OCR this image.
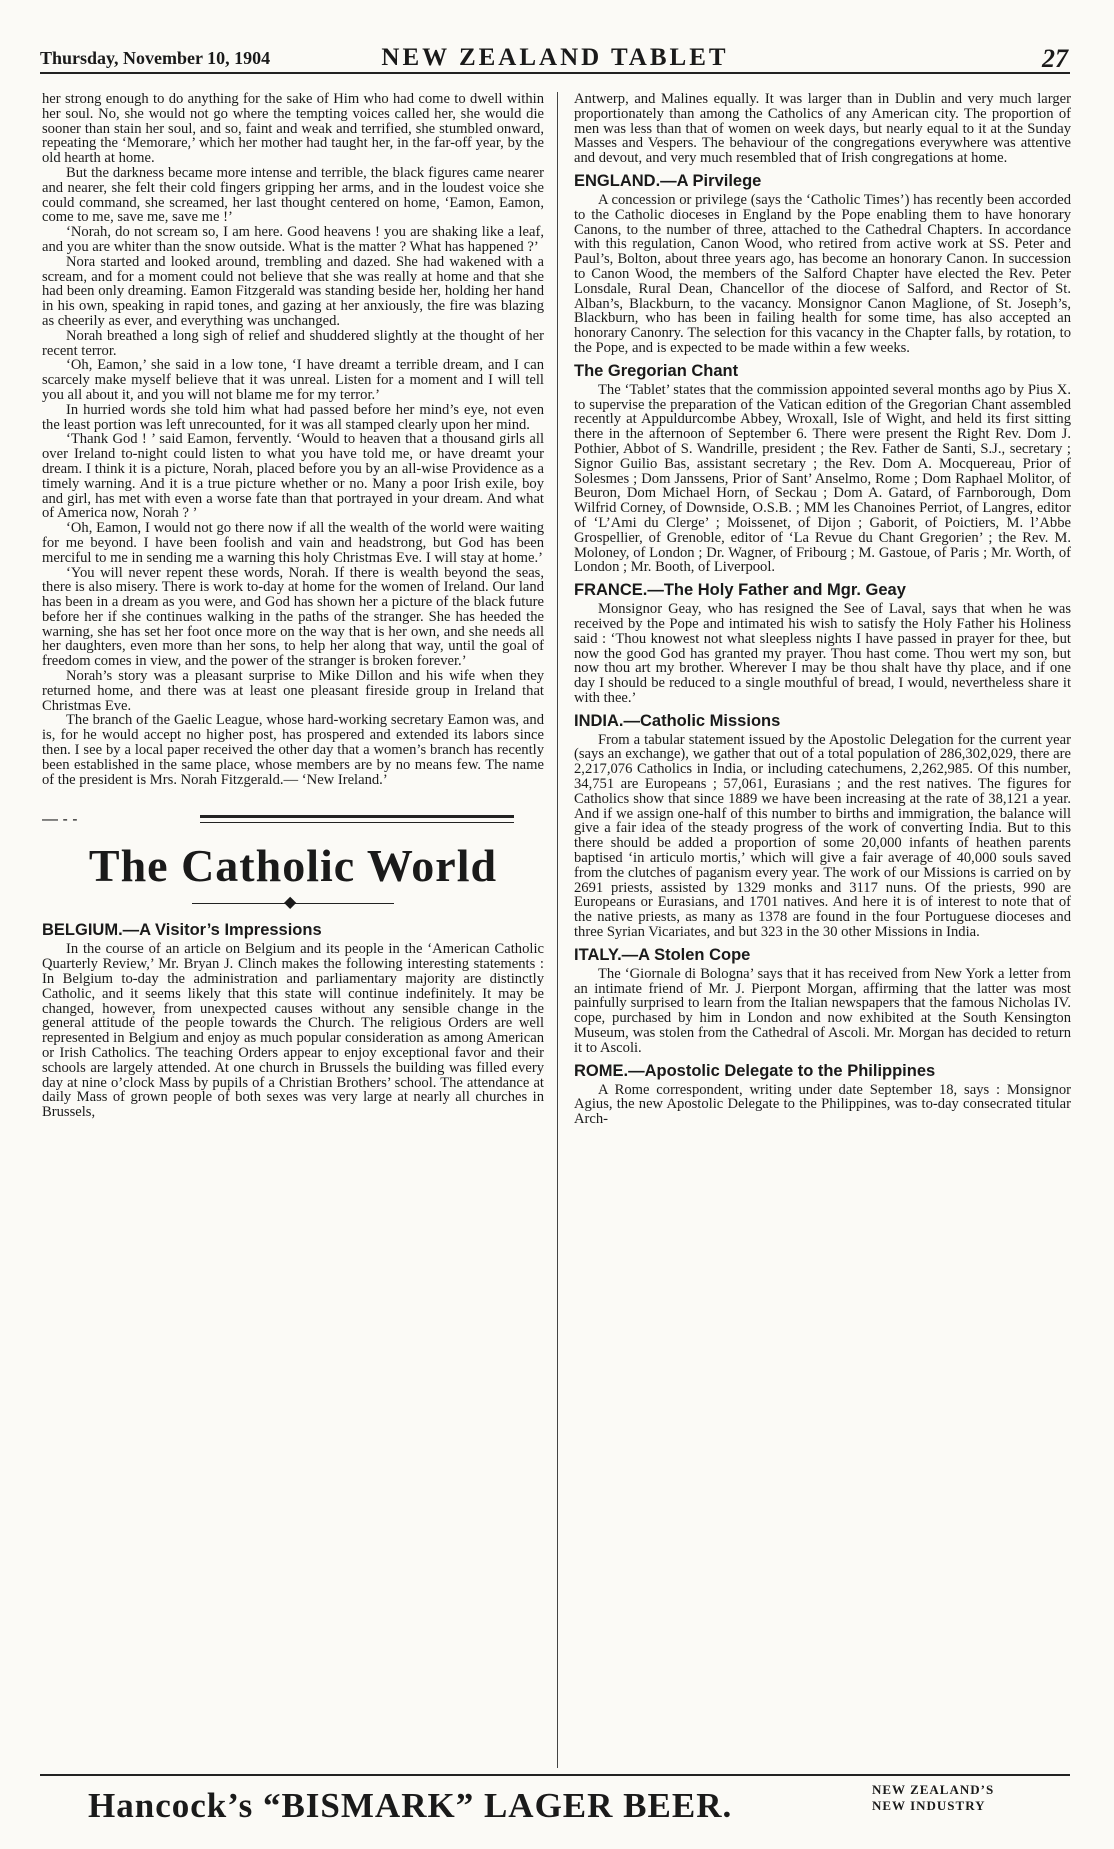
Thursday, November 10, 1904	NEW ZEALAND TABLET	27

her strong enough to do anything for the sake of Him who had come to dwell within her soul. No, she would not go where the tempting voices called her, she would die sooner than stain her soul, and so, faint and weak and terrified, she stumbled onward, repeating the ‘Memorare,’ which her mother had taught her, in the far-off year, by the old hearth at home.

But the darkness became more intense and terrible, the black figures came nearer and nearer, she felt their cold fingers gripping her arms, and in the loudest voice she could command, she screamed, her last thought centered on home, ‘Eamon, Eamon, come to me, save me, save me !’

‘Norah, do not scream so, I am here. Good heavens ! you are shaking like a leaf, and you are whiter than the snow outside. What is the matter ? What has happened ?’

Nora started and looked around, trembling and dazed. She had wakened with a scream, and for a moment could not believe that she was really at home and that she had been only dreaming. Eamon Fitzgerald was standing beside her, holding her hand in his own, speaking in rapid tones, and gazing at her anxiously, the fire was blazing as cheerily as ever, and everything was unchanged.

Norah breathed a long sigh of relief and shuddered slightly at the thought of her recent terror.

‘Oh, Eamon,’ she said in a low tone, ‘I have dreamt a terrible dream, and I can scarcely make myself believe that it was unreal. Listen for a moment and I will tell you all about it, and you will not blame me for my terror.’

In hurried words she told him what had passed before her mind’s eye, not even the least portion was left unrecounted, for it was all stamped clearly upon her mind.

‘Thank God ! ’ said Eamon, fervently. ‘Would to heaven that a thousand girls all over Ireland to-night could listen to what you have told me, or have dreamt your dream. I think it is a picture, Norah, placed before you by an all-wise Providence as a timely warning. And it is a true picture whether or no. Many a poor Irish exile, boy and girl, has met with even a worse fate than that portrayed in your dream. And what of America now, Norah ? ’

‘Oh, Eamon, I would not go there now if all the wealth of the world were waiting for me beyond. I have been foolish and vain and headstrong, but God has been merciful to me in sending me a warning this holy Christmas Eve. I will stay at home.’

‘You will never repent these words, Norah. If there is wealth beyond the seas, there is also misery. There is work to-day at home for the women of Ireland. Our land has been in a dream as you were, and God has shown her a picture of the black future before her if she continues walking in the paths of the stranger. She has heeded the warning, she has set her foot once more on the way that is her own, and she needs all her daughters, even more than her sons, to help her along that way, until the goal of freedom comes in view, and the power of the stranger is broken forever.’

Norah’s story was a pleasant surprise to Mike Dillon and his wife when they returned home, and there was at least one pleasant fireside group in Ireland that Christmas Eve.

The branch of the Gaelic League, whose hard-working secretary Eamon was, and is, for he would accept no higher post, has prospered and extended its labors since then. I see by a local paper received the other day that a women’s branch has recently been established in the same place, whose members are by no means few. The name of the president is Mrs. Norah Fitzgerald.— ‘New Ireland.’

— - -
The Catholic World
◆
BELGIUM.—A Visitor’s Impressions

In the course of an article on Belgium and its people in the ‘American Catholic Quarterly Review,’ Mr. Bryan J. Clinch makes the following interesting statements : In Belgium to-day the administration and parliamentary majority are distinctly Catholic, and it seems likely that this state will continue indefinitely. It may be changed, however, from unexpected causes without any sensible change in the general attitude of the people towards the Church. The religious Orders are well represented in Belgium and enjoy as much popular consideration as among American or Irish Catholics. The teaching Orders appear to enjoy exceptional favor and their schools are largely attended. At one church in Brussels the building was filled every day at nine o’clock Mass by pupils of a Christian Brothers’ school. The attendance at daily Mass of grown people of both sexes was very large at nearly all churches in Brussels,

Antwerp, and Malines equally. It was larger than in Dublin and very much larger proportionately than among the Catholics of any American city. The proportion of men was less than that of women on week days, but nearly equal to it at the Sunday Masses and Vespers. The behaviour of the congregations everywhere was attentive and devout, and very much resembled that of Irish congregations at home.

ENGLAND.—A Pirvilege

A concession or privilege (says the ‘Catholic Times’) has recently been accorded to the Catholic dioceses in England by the Pope enabling them to have honorary Canons, to the number of three, attached to the Cathedral Chapters. In accordance with this regulation, Canon Wood, who retired from active work at SS. Peter and Paul’s, Bolton, about three years ago, has become an honorary Canon. In succession to Canon Wood, the members of the Salford Chapter have elected the Rev. Peter Lonsdale, Rural Dean, Chancellor of the diocese of Salford, and Rector of St. Alban’s, Blackburn, to the vacancy. Monsignor Canon Maglione, of St. Joseph’s, Blackburn, who has been in failing health for some time, has also accepted an honorary Canonry. The selection for this vacancy in the Chapter falls, by rotation, to the Pope, and is expected to be made within a few weeks.

The Gregorian Chant

The ‘Tablet’ states that the commission appointed several months ago by Pius X. to supervise the preparation of the Vatican edition of the Gregorian Chant assembled recently at Appuldurcombe Abbey, Wroxall, Isle of Wight, and held its first sitting there in the afternoon of September 6. There were present the Right Rev. Dom J. Pothier, Abbot of S. Wandrille, president ; the Rev. Father de Santi, S.J., secretary ; Signor Guilio Bas, assistant secretary ; the Rev. Dom A. Mocquereau, Prior of Solesmes ; Dom Janssens, Prior of Sant’ Anselmo, Rome ; Dom Raphael Molitor, of Beuron, Dom Michael Horn, of Seckau ; Dom A. Gatard, of Farnborough, Dom Wilfrid Corney, of Downside, O.S.B. ; MM les Chanoines Perriot, of Langres, editor of ‘L’Ami du Clerge’ ; Moissenet, of Dijon ; Gaborit, of Poictiers, M. l’Abbe Grospellier, of Grenoble, editor of ‘La Revue du Chant Gregorien’ ; the Rev. M. Moloney, of London ; Dr. Wagner, of Fribourg ; M. Gastoue, of Paris ; Mr. Worth, of London ; Mr. Booth, of Liverpool.

FRANCE.—The Holy Father and Mgr. Geay

Monsignor Geay, who has resigned the See of Laval, says that when he was received by the Pope and intimated his wish to satisfy the Holy Father his Holiness said : ‘Thou knowest not what sleepless nights I have passed in prayer for thee, but now the good God has granted my prayer. Thou hast come. Thou wert my son, but now thou art my brother. Wherever I may be thou shalt have thy place, and if one day I should be reduced to a single mouthful of bread, I would, nevertheless share it with thee.’

INDIA.—Catholic Missions

From a tabular statement issued by the Apostolic Delegation for the current year (says an exchange), we gather that out of a total population of 286,302,029, there are 2,217,076 Catholics in India, or including catechumens, 2,262,985. Of this number, 34,751 are Europeans ; 57,061, Eurasians ; and the rest natives. The figures for Catholics show that since 1889 we have been increasing at the rate of 38,121 a year. And if we assign one-half of this number to births and immigration, the balance will give a fair idea of the steady progress of the work of converting India. But to this there should be added a proportion of some 20,000 infants of heathen parents baptised ‘in articulo mortis,’ which will give a fair average of 40,000 souls saved from the clutches of paganism every year. The work of our Missions is carried on by 2691 priests, assisted by 1329 monks and 3117 nuns. Of the priests, 990 are Europeans or Eurasians, and 1701 natives. And here it is of interest to note that of the native priests, as many as 1378 are found in the four Portuguese dioceses and three Syrian Vicariates, and but 323 in the 30 other Missions in India.

ITALY.—A Stolen Cope

The ‘Giornale di Bologna’ says that it has received from New York a letter from an intimate friend of Mr. J. Pierpont Morgan, affirming that the latter was most painfully surprised to learn from the Italian newspapers that the famous Nicholas IV. cope, purchased by him in London and now exhibited at the South Kensington Museum, was stolen from the Cathedral of Ascoli. Mr. Morgan has decided to return it to Ascoli.

ROME.—Apostolic Delegate to the Philippines

A Rome correspondent, writing under date September 18, says : Monsignor Agius, the new Apostolic Delegate to the Philippines, was to-day consecrated titular Arch-

Hancock’s “BISMARK” LAGER BEER.	NEW ZEALAND’S
NEW INDUSTRY
